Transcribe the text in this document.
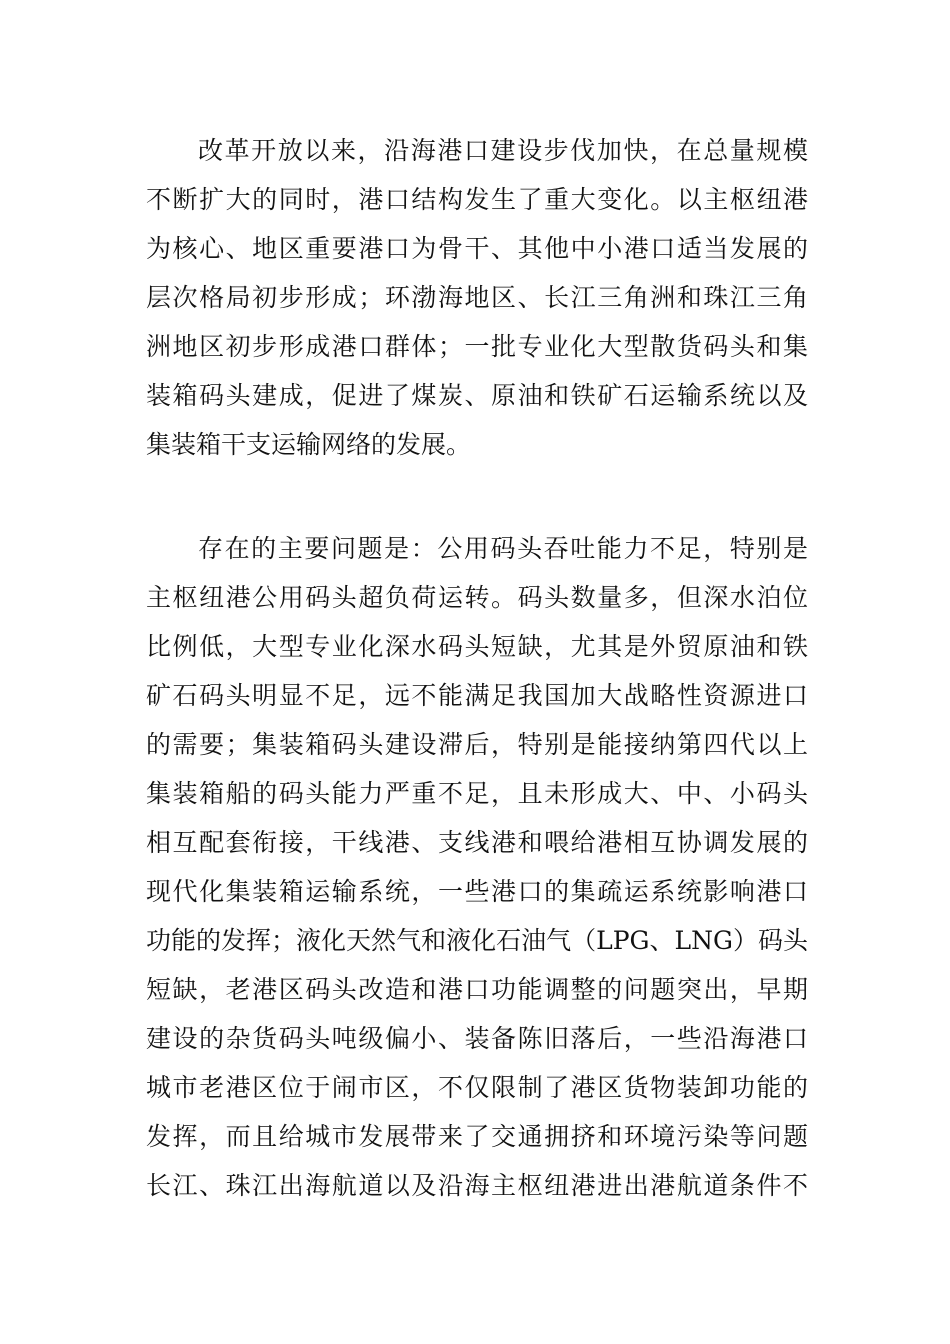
改革开放以来，沿海港口建设步伐加快，在总量规模
不断扩大的同时，港口结构发生了重大变化。以主枢纽港
为核心、地区重要港口为骨干、其他中小港口适当发展的
层次格局初步形成；环渤海地区、长江三角洲和珠江三角
洲地区初步形成港口群体；一批专业化大型散货码头和集
装箱码头建成，促进了煤炭、原油和铁矿石运输系统以及
集装箱干支运输网络的发展。
存在的主要问题是：公用码头吞吐能力不足，特别是
主枢纽港公用码头超负荷运转。码头数量多，但深水泊位
比例低，大型专业化深水码头短缺，尤其是外贸原油和铁
矿石码头明显不足，远不能满足我国加大战略性资源进口
的需要；集装箱码头建设滞后，特别是能接纳第四代以上
集装箱船的码头能力严重不足，且未形成大、中、小码头
相互配套衔接，干线港、支线港和喂给港相互协调发展的
现代化集装箱运输系统，一些港口的集疏运系统影响港口
功能的发挥；液化天然气和液化石油气（LPG、LNG）码头
短缺，老港区码头改造和港口功能调整的问题突出，早期
建设的杂货码头吨级偏小、装备陈旧落后，一些沿海港口
城市老港区位于闹市区，不仅限制了港区货物装卸功能的
发挥，而且给城市发展带来了交通拥挤和环境污染等问题
长江、珠江出海航道以及沿海主枢纽港进出港航道条件不
